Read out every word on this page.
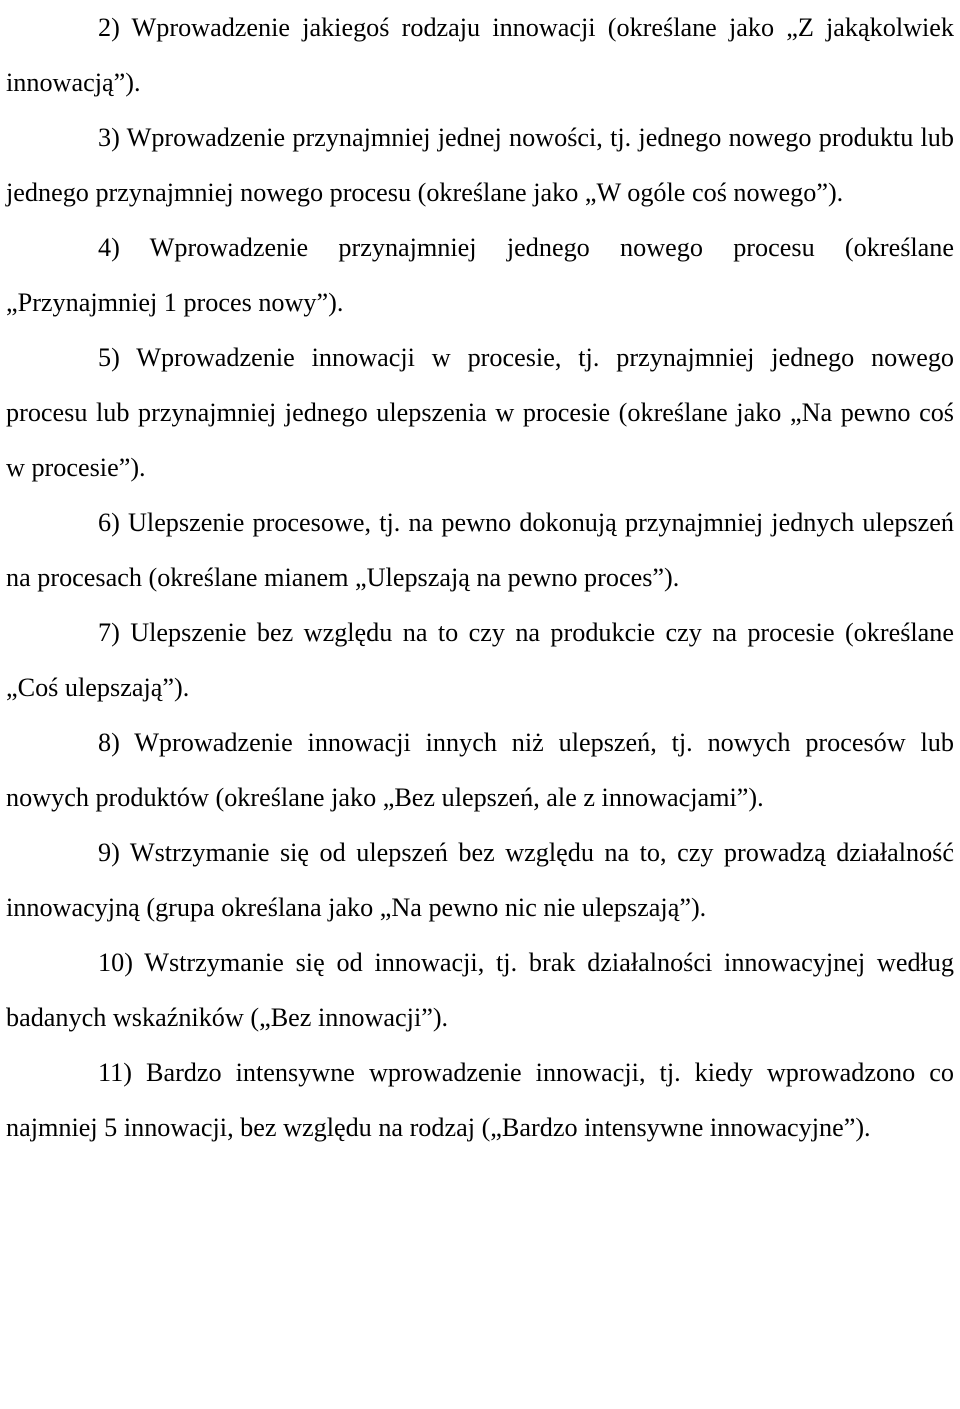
2) Wprowadzenie jakiegoś rodzaju innowacji (określane jako „Z jakąkolwiek innowacją”).

3) Wprowadzenie przynajmniej jednej nowości, tj. jednego nowego produktu lub jednego przynajmniej nowego procesu (określane jako „W ogóle coś nowego”).

4) Wprowadzenie przynajmniej jednego nowego procesu (określane „Przynajmniej 1 proces nowy”).

5) Wprowadzenie innowacji w procesie, tj. przynajmniej jednego nowego procesu lub przynajmniej jednego ulepszenia w procesie (określane jako „Na pewno coś w procesie”).

6) Ulepszenie procesowe, tj. na pewno dokonują przynajmniej jednych ulepszeń na procesach (określane mianem „Ulepszają na pewno proces”).

7) Ulepszenie bez względu na to czy na produkcie czy na procesie (określane „Coś ulepszają”).

8) Wprowadzenie innowacji innych niż ulepszeń, tj. nowych procesów lub nowych produktów (określane jako „Bez ulepszeń, ale z innowacjami”).

9) Wstrzymanie się od ulepszeń bez względu na to, czy prowadzą działalność innowacyjną (grupa określana jako „Na pewno nic nie ulepszają”).

10) Wstrzymanie się od innowacji, tj. brak działalności innowacyjnej według badanych wskaźników („Bez innowacji”).

11) Bardzo intensywne wprowadzenie innowacji, tj. kiedy wprowadzono co najmniej 5 innowacji, bez względu na rodzaj („Bardzo intensywne innowacyjne”).
